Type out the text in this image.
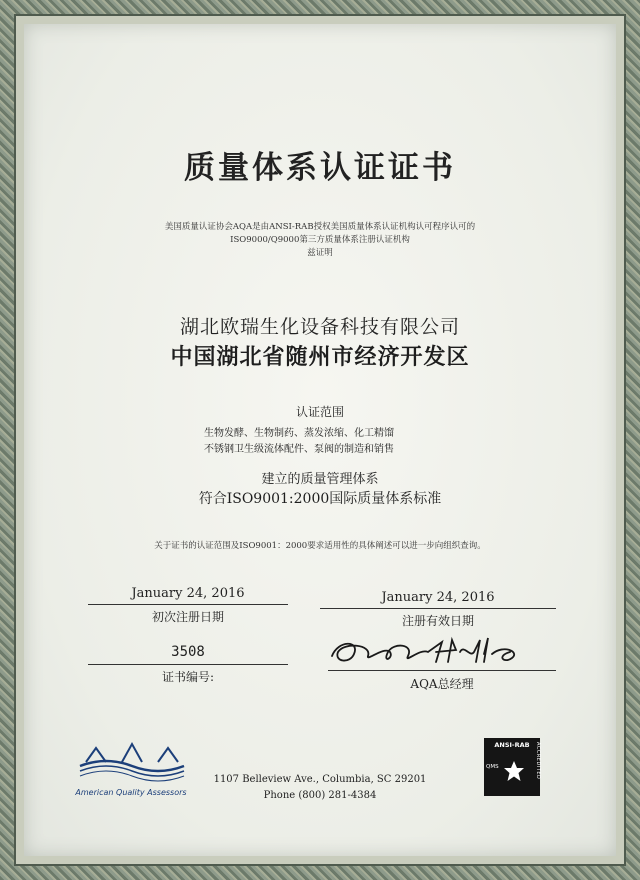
质量体系认证证书
美国质量认证协会AQA是由ANSI-RAB授权美国质量体系认证机构认可程序认可的
ISO9000/Q9000第三方质量体系注册认证机构
兹证明
湖北欧瑞生化设备科技有限公司
中国湖北省随州市经济开发区
认证范围
生物发酵、生物制药、蒸发浓缩、化工精馏
不锈钢卫生级流体配件、泵阀的制造和销售
建立的质量管理体系
符合ISO9001:2000国际质量体系标准
关于证书的认证范围及ISO9001：2000要求适用性的具体阐述可以进一步向组织查询。
January 24, 2016
初次注册日期
January 24, 2016
注册有效日期
3508
证书编号:	AQA总经理
American Quality Assessors
1107 Belleview Ave., Columbia, SC 29201
Phone (800) 281-4384
ANSI-RAB
QMS	ACCREDITED
